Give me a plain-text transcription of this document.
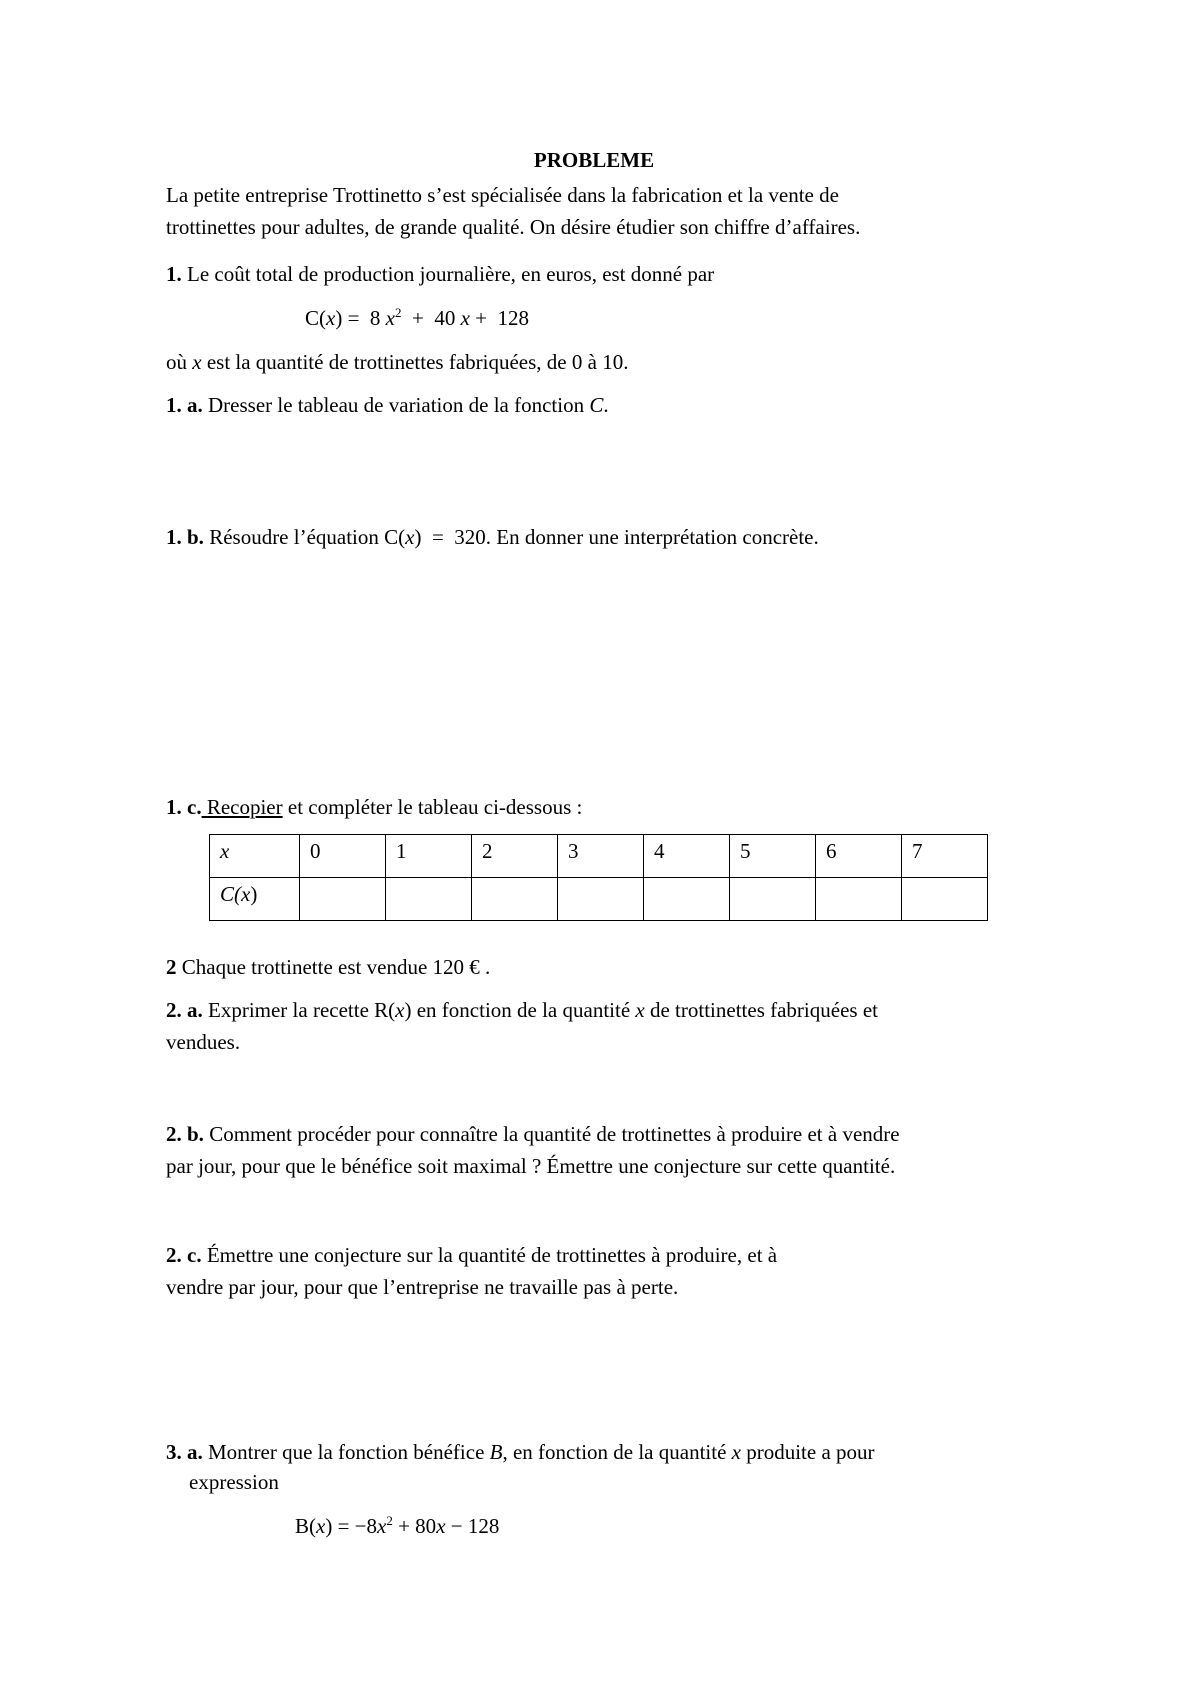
PROBLEME
La petite entreprise Trottinetto s’est spécialisée dans la fabrication et la vente de
trottinettes pour adultes, de grande qualité. On désire étudier son chiffre d’affaires.
1. Le coût total de production journalière, en euros, est donné par
C(x) =  8 $x^2 + 40$ x +  128
où x est la quantité de trottinettes fabriquées, de 0 à 10.
1. a. Dresser le tableau de variation de la fonction C.
1. b. Résoudre l’équation C(x)  =  320. En donner une interprétation concrète.
1. c. Recopier et compléter le tableau ci-dessous :
x	0	1	2	3	4	5	6	7
C(x)								
2 Chaque trottinette est vendue 120 € .
2. a. Exprimer la recette R(x) en fonction de la quantité x de trottinettes fabriquées et
vendues.
2. b. Comment procéder pour connaître la quantité de trottinettes à produire et à vendre
par jour, pour que le bénéfice soit maximal ? Émettre une conjecture sur cette quantité.
2. c. Émettre une conjecture sur la quantité de trottinettes à produire, et à
vendre par jour, pour que l’entreprise ne travaille pas à perte.
3. a. Montrer que la fonction bénéfice B, en fonction de la quantité x produite a pour
expression
$B(x) = -8x^2 + 80x - 128$
